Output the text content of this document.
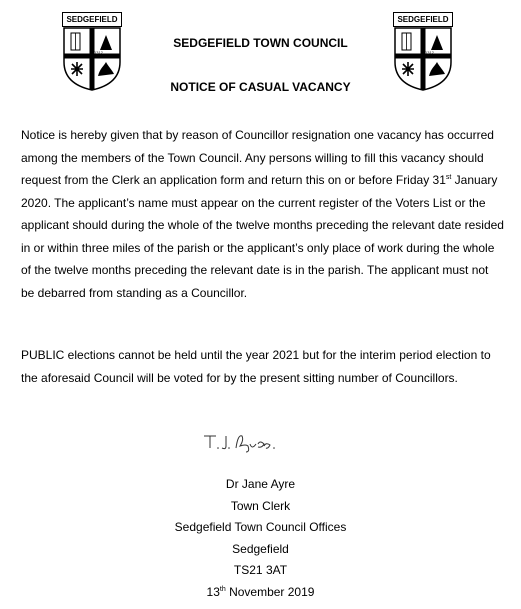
SEDGEFIELD
1312
SEDGEFIELD
1312
SEDGEFIELD TOWN COUNCIL
NOTICE OF CASUAL VACANCY

Notice is hereby given that by reason of Councillor resignation one vacancy has occurred among the members of the Town Council. Any persons willing to fill this vacancy should request from the Clerk an application form and return this on or before Friday 31st January 2020. The applicant’s name must appear on the current register of the Voters List or the applicant should during the whole of the twelve months preceding the relevant date resided in or within three miles of the parish or the applicant’s only place of work during the whole of the twelve months preceding the relevant date is in the parish. The applicant must not be debarred from standing as a Councillor.

PUBLIC elections cannot be held until the year 2021 but for the interim period election to the aforesaid Council will be voted for by the present sitting number of Councillors.

Dr Jane Ayre
Town Clerk
Sedgefield Town Council Offices
Sedgefield
TS21 3AT
13th November 2019
